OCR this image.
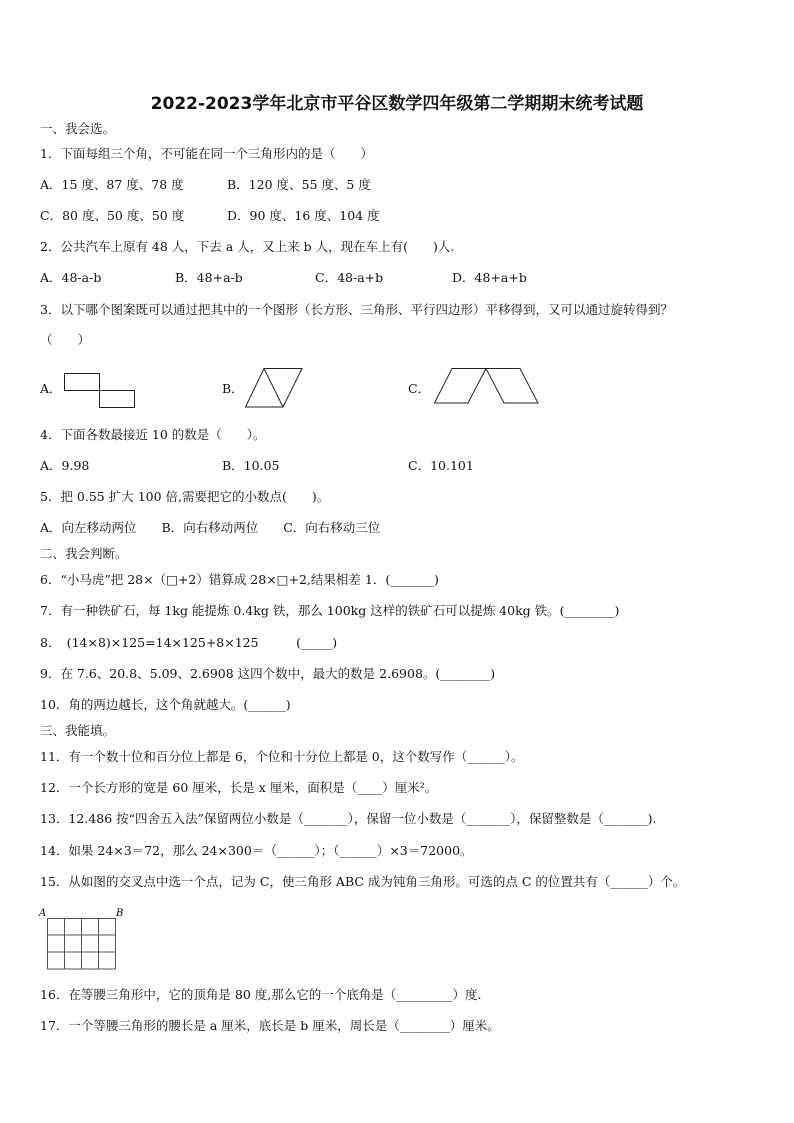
2022-2023学年北京市平谷区数学四年级第二学期期末统考试题
一、我会选。
1．下面每组三个角，不可能在同一个三角形内的是（　　）
A．15 度、87 度、78 度	B．120 度、55 度、5 度
C．80 度、50 度、50 度	D．90 度、16 度、104 度
2．公共汽车上原有 48 人，下去 a 人，又上来 b 人，现在车上有(　　)人.
A．48-a-b	B．48+a-b	C．48-a+b	D．48+a+b
3．以下哪个图案既可以通过把其中的一个图形（长方形、三角形、平行四边形）平移得到，又可以通过旋转得到？
（　　）
A．	B．	C．
4．下面各数最接近 10 的数是（　　）。
A．9.98	B．10.05	C．10.101
5．把 0.55 扩大 100 倍,需要把它的小数点(　　)。
A．向左移动两位　　B．向右移动两位　　C．向右移动三位
二、我会判断。
6．“小马虎”把 28×（□+2）错算成 28×□+2,结果相差 1．(_______)
7．有一种铁矿石，每 1kg 能提炼 0.4kg 铁，那么 100kg 这样的铁矿石可以提炼 40kg 铁。(________)
8．　(14×8)×125=14×125+8×125　　　(_____)
9．在 7.6、20.8、5.09、2.6908 这四个数中，最大的数是 2.6908。(________)
10．角的两边越长，这个角就越大。(______)
三、我能填。
11．有一个数十位和百分位上都是 6，个位和十分位上都是 0，这个数写作（______）。
12．一个长方形的宽是 60 厘米，长是 x 厘米，面积是（____）厘米²。
13．12.486 按“四舍五入法”保留两位小数是（_______），保留一位小数是（_______），保留整数是（_______).
14．如果 24×3＝72，那么 24×300＝（______）；（______）×3＝72000。
15．从如图的交叉点中选一个点，记为 C，使三角形 ABC 成为钝角三角形。可选的点 C 的位置共有（______）个。
A	B
16．在等腰三角形中，它的顶角是 80 度,那么它的一个底角是（_________）度.
17．一个等腰三角形的腰长是 a 厘米，底长是 b 厘米，周长是（________）厘米。
